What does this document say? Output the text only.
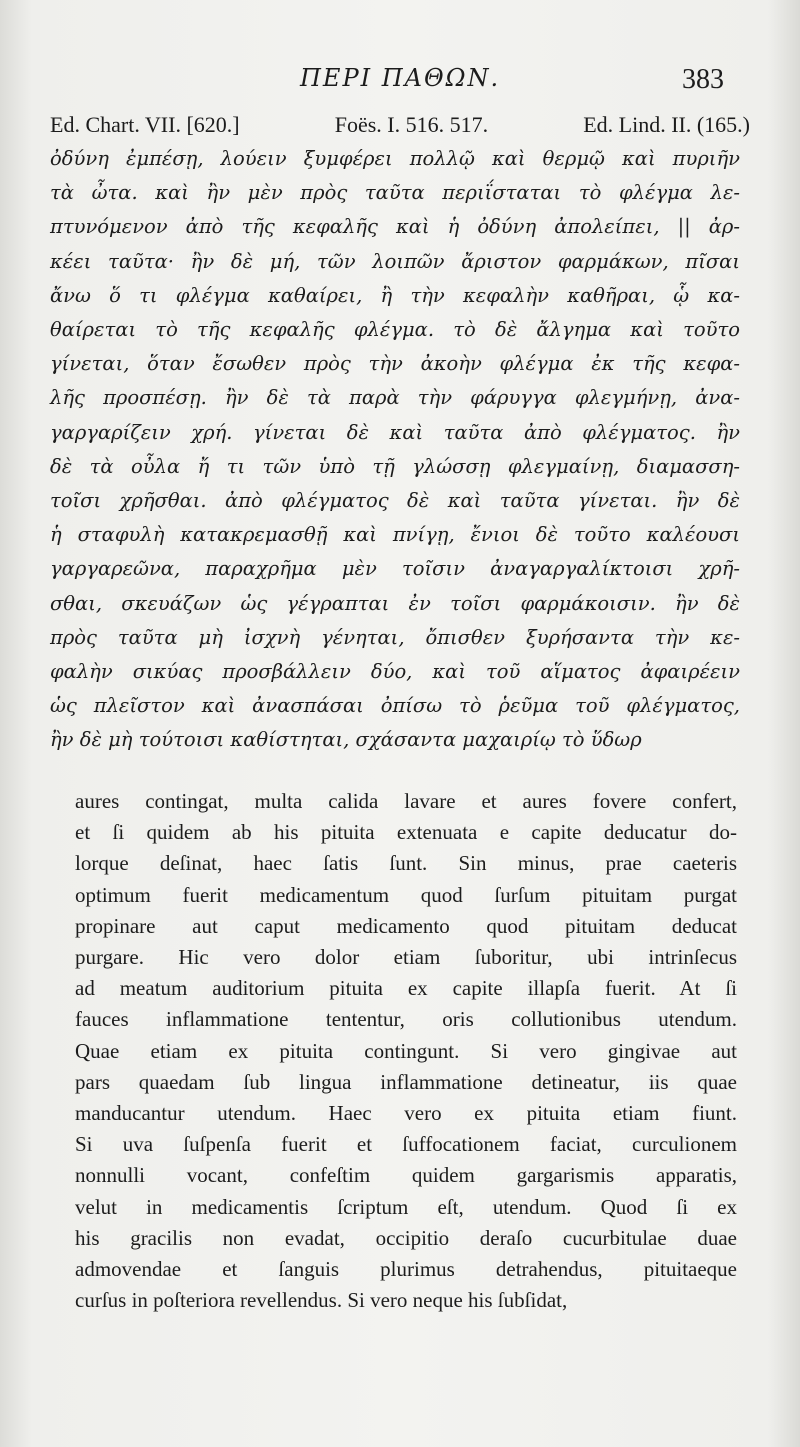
ΠΕΡΙ ΠΑΘΩΝ.	383
Ed. Chart. VII. [620.]	Foës. I. 516. 517.	Ed. Lind. II. (165.)
ὀδύνη ἐμπέσῃ, λούειν ξυμφέρει πολλῷ καὶ θερμῷ καὶ πυριῆν
τὰ ὦτα. καὶ ἢν μὲν πρὸς ταῦτα περιΐσταται τὸ φλέγμα λε-
πτυνόμενον ἀπὸ τῆς κεφαλῆς καὶ ἡ ὀδύνη ἀπολείπει, || ἀρ-
κέει ταῦτα· ἢν δὲ μή, τῶν λοιπῶν ἄριστον φαρμάκων, πῖσαι
ἄνω ὅ τι φλέγμα καθαίρει, ἢ τὴν κεφαλὴν καθῆραι, ᾧ κα-
θαίρεται τὸ τῆς κεφαλῆς φλέγμα. τὸ δὲ ἄλγημα καὶ τοῦτο
γίνεται, ὅταν ἔσωθεν πρὸς τὴν ἀκοὴν φλέγμα ἐκ τῆς κεφα-
λῆς προσπέσῃ. ἢν δὲ τὰ παρὰ τὴν φάρυγγα φλεγμήνῃ, ἀνα-
γαργαρίζειν χρή. γίνεται δὲ καὶ ταῦτα ἀπὸ φλέγματος. ἢν
δὲ τὰ οὖλα ἤ τι τῶν ὑπὸ τῇ γλώσσῃ φλεγμαίνῃ, διαμασση-
τοῖσι χρῆσθαι. ἀπὸ φλέγματος δὲ καὶ ταῦτα γίνεται. ἢν δὲ
ἡ σταφυλὴ κατακρεμασθῇ καὶ πνίγῃ, ἔνιοι δὲ τοῦτο καλέουσι
γαργαρεῶνα, παραχρῆμα μὲν τοῖσιν ἀναγαργαλίκτοισι χρῆ-
σθαι, σκευάζων ὡς γέγραπται ἐν τοῖσι φαρμάκοισιν. ἢν δὲ
πρὸς ταῦτα μὴ ἰσχνὴ γένηται, ὄπισθεν ξυρήσαντα τὴν κε-
φαλὴν σικύας προσβάλλειν δύο, καὶ τοῦ αἵματος ἀφαιρέειν
ὡς πλεῖστον καὶ ἀνασπάσαι ὀπίσω τὸ ῥεῦμα τοῦ φλέγματος,
ἢν δὲ μὴ τούτοισι καθίστηται, σχάσαντα μαχαιρίῳ τὸ ὕδωρ
aures contingat, multa calida lavare et aures fovere confert,
et ſi quidem ab his pituita extenuata e capite deducatur do-
lorque deſinat, haec ſatis ſunt. Sin minus, prae caeteris
optimum fuerit medicamentum quod ſurſum pituitam purgat
propinare aut caput medicamento quod pituitam deducat
purgare. Hic vero dolor etiam ſuboritur, ubi intrinſecus
ad meatum auditorium pituita ex capite illapſa fuerit. At ſi
fauces inflammatione tententur, oris collutionibus utendum.
Quae etiam ex pituita contingunt. Si vero gingivae aut
pars quaedam ſub lingua inflammatione detineatur, iis quae
manducantur utendum. Haec vero ex pituita etiam fiunt.
Si uva ſuſpenſa fuerit et ſuffocationem faciat, curculionem
nonnulli vocant, confeſtim quidem gargarismis apparatis,
velut in medicamentis ſcriptum eſt, utendum. Quod ſi ex
his gracilis non evadat, occipitio deraſo cucurbitulae duae
admovendae et ſanguis plurimus detrahendus, pituitaeque
curſus in poſteriora revellendus. Si vero neque his ſubſidat,
